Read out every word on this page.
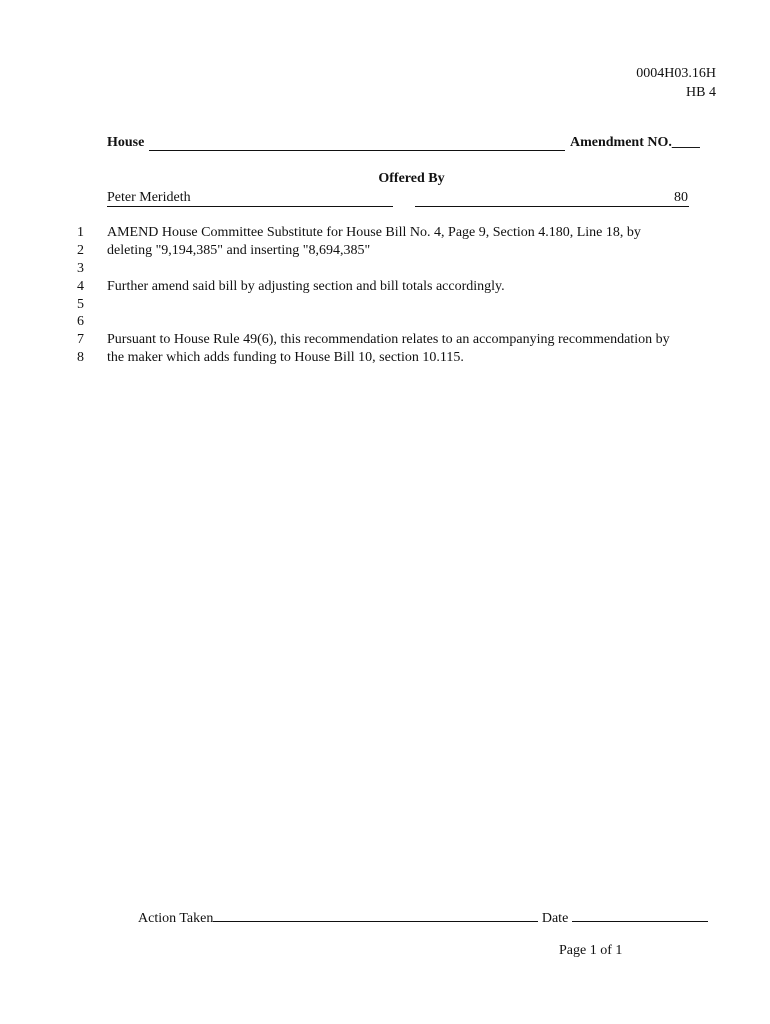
0004H03.16H
HB 4
House	Amendment NO.____
Offered By
Peter Merideth	80
1 AMEND House Committee Substitute for House Bill No. 4, Page 9, Section 4.180, Line 18, by
2 deleting "9,194,385" and inserting "8,694,385"
3
4 Further amend said bill by adjusting section and bill totals accordingly.
5
6
7 Pursuant to House Rule 49(6), this recommendation relates to an accompanying recommendation by
8 the maker which adds funding to House Bill 10, section 10.115.
Action Taken	Date
Page 1 of 1
